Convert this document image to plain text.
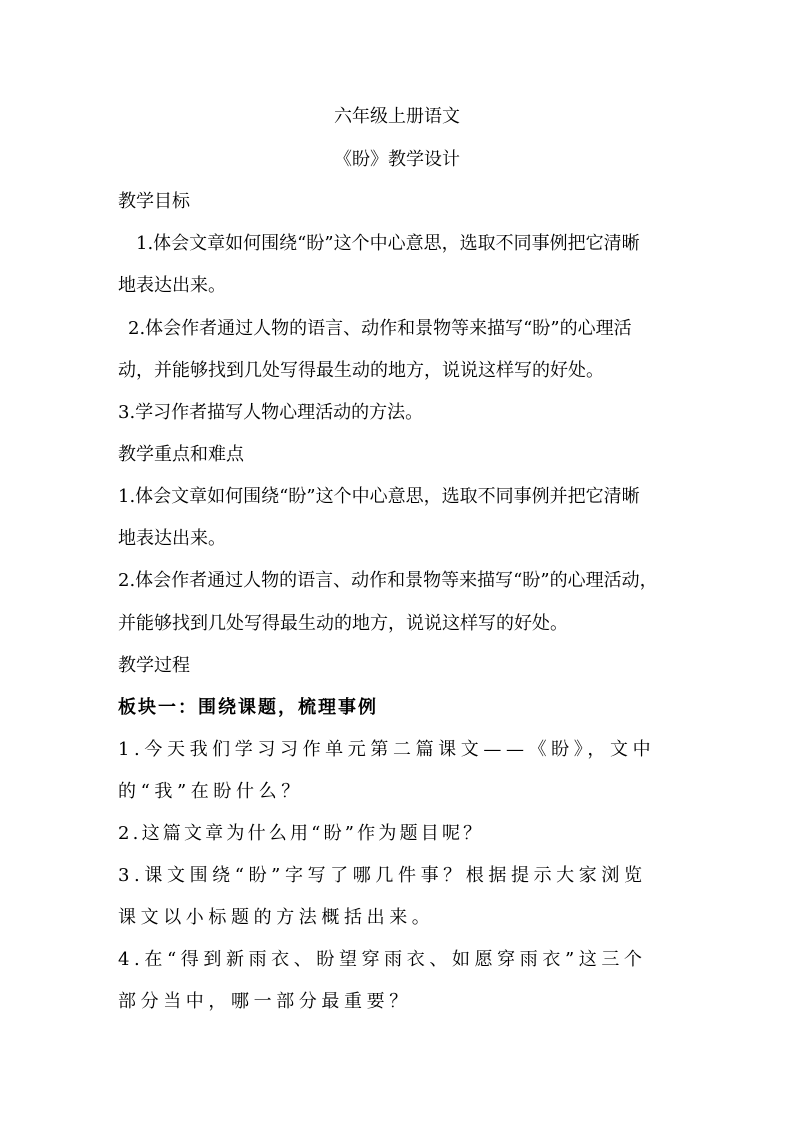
六年级上册语文
《盼》教学设计
教学目标
1.体会文章如何围绕“盼”这个中心意思，选取不同事例把它清晰
地表达出来。
2.体会作者通过人物的语言、动作和景物等来描写“盼”的心理活
动，并能够找到几处写得最生动的地方，说说这样写的好处。
3.学习作者描写人物心理活动的方法。
教学重点和难点
1.体会文章如何围绕“盼”这个中心意思，选取不同事例并把它清晰
地表达出来。
2.体会作者通过人物的语言、动作和景物等来描写“盼”的心理活动，
并能够找到几处写得最生动的地方，说说这样写的好处。
教学过程
板块一：围绕课题，梳理事例
1.今天我们学习习作单元第二篇课文——《盼》，文中
的“我”在盼什么？
2.这篇文章为什么用“盼”作为题目呢？
3.课文围绕“盼”字写了哪几件事？根据提示大家浏览
课文以小标题的方法概括出来。
4.在“得到新雨衣、盼望穿雨衣、如愿穿雨衣”这三个
部分当中，哪一部分最重要？
